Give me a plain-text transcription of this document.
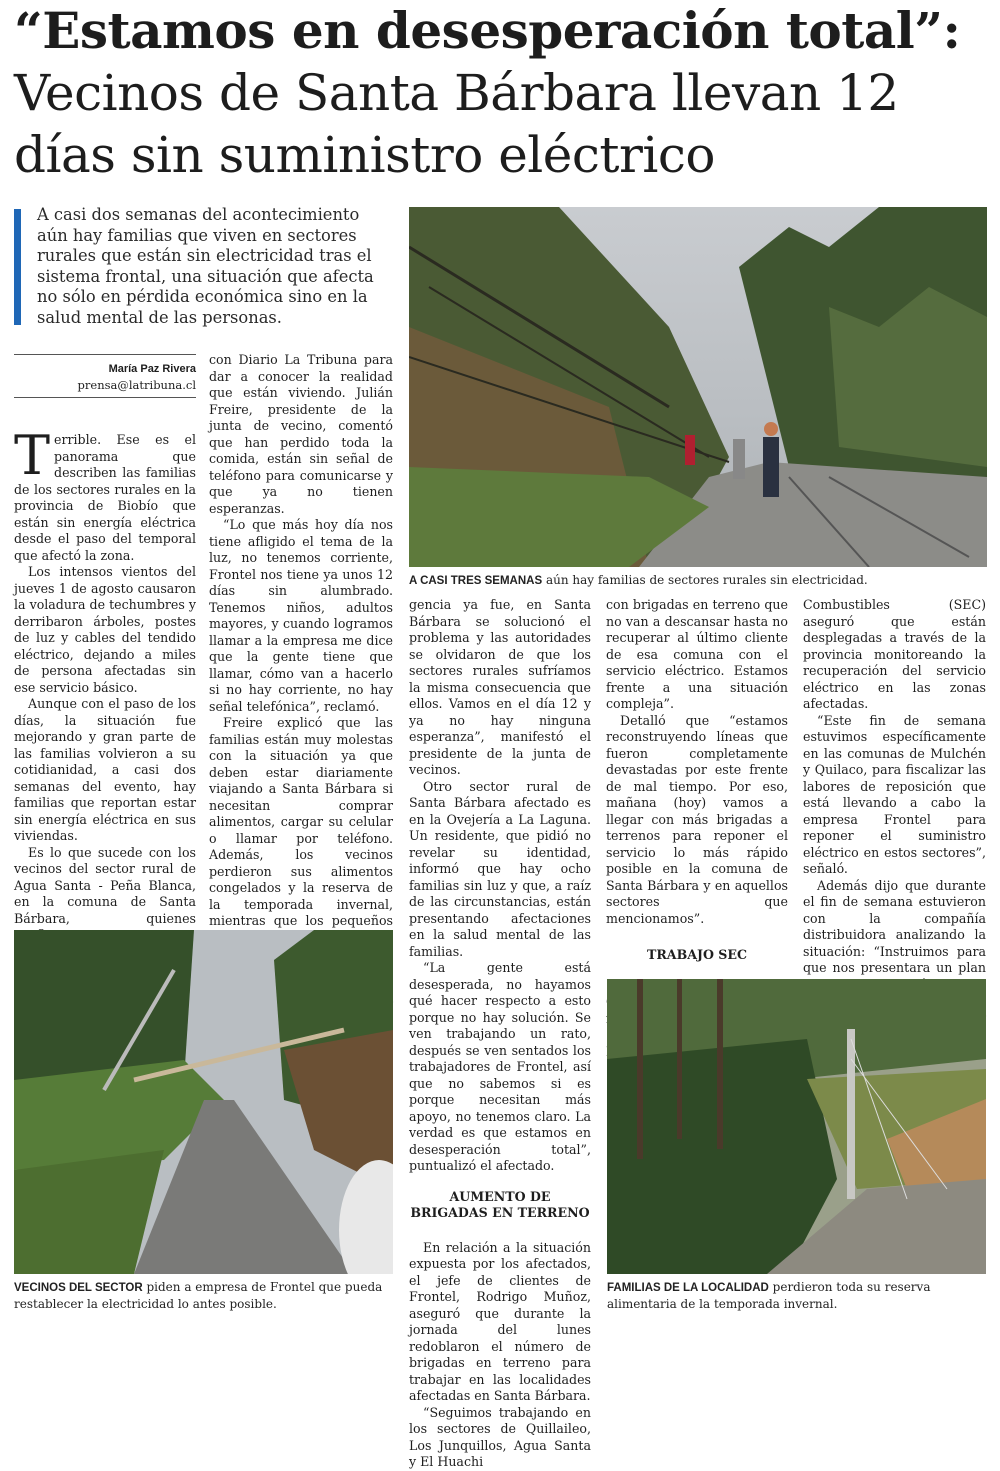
“Estamos en desesperación total”:
Vecinos de Santa Bárbara llevan 12
días sin suministro eléctrico

A casi dos semanas del acontecimiento aún hay familias que viven en sectores rurales que están sin electricidad tras el sistema frontal, una situación que afecta no sólo en pérdida económica sino en la salud mental de las personas.

María Paz Rivera
prensa@latribuna.cl

Terrible. Ese es el panorama que describen las familias de los sectores rurales en la provincia de Biobío que están sin energía eléctrica desde el paso del temporal que afectó la zona.

Los intensos vientos del jueves 1 de agosto causaron la voladura de techumbres y derribaron árboles, postes de luz y cables del tendido eléctrico, dejando a miles de persona afectadas sin ese servicio básico.

Aunque con el paso de los días, la situación fue mejorando y gran parte de las familias volvieron a su cotidianidad, a casi dos semanas del evento, hay familias que reportan estar sin energía eléctrica en sus viviendas.

Es lo que sucede con los vecinos del sector rural de Agua Santa - Peña Blanca, en la comuna de Santa Bárbara, quienes

con Diario La Tribuna para dar a conocer la realidad que están viviendo. Julián Freire, presidente de la junta de vecino, comentó que han perdido toda la comida, están sin señal de teléfono para comunicarse y que ya no tienen esperanzas.

“Lo que más hoy día nos tiene afligido el tema de la luz, no tenemos corriente, Frontel nos tiene ya unos 12 días sin alumbrado. Tenemos niños, adultos mayores, y cuando logramos llamar a la empresa me dice que la gente tiene que llamar, cómo van a hacerlo si no hay corriente, no hay señal telefónica”, reclamó.

Freire explicó que las familias están muy molestas con la situación ya que deben estar diariamente viajando a Santa Bárbara si necesitan comprar alimentos, cargar su celular o llamar por teléfono. Además, los vecinos perdieron sus alimentos congelados y la reserva de la temporada invernal, mientras que los pequeños

FOTOS CEDIDAS POR FAMILIAS DE LA ZONA AFECTADA
A CASI TRES SEMANAS aún hay familias de sectores rurales sin electricidad.

gencia ya fue, en Santa Bárbara se solucionó el problema y las autoridades se olvidaron de que los sectores rurales sufríamos la misma consecuencia que ellos. Vamos en el día 12 y ya no hay ninguna esperanza”, manifestó el presidente de la junta de vecinos.

Otro sector rural de Santa Bárbara afectado es en la Ovejería a La Laguna. Un residente, que pidió no revelar su identidad, informó que hay ocho familias sin luz y que, a raíz de las circunstancias, están presentando afectaciones en la salud mental de las familias.

“La gente está desesperada, no hayamos qué hacer respecto a esto porque no hay solución. Se ven trabajando un rato, después se ven sentados los trabajadores de Frontel, así que no sabemos si es porque necesitan más apoyo, no tenemos claro. La verdad es que estamos en desesperación total”, puntualizó el afectado.

AUMENTO DE BRIGADAS EN TERRENO

En relación a la situación expuesta por los afectados, el jefe de clientes de Frontel, Rodrigo Muñoz, aseguró que durante la jornada del lunes redoblaron el número de brigadas en terreno para trabajar en las localidades afectadas en Santa Bárbara.

“Seguimos trabajando en los sectores de Quillaileo, Los Junquillos, Agua Santa y El Huachi

con brigadas en terreno que no van a descansar hasta no recuperar al último cliente de esa comuna con el servicio eléctrico. Estamos frente a una situación compleja”.

Detalló que “estamos reconstruyendo líneas que fueron completamente devastadas por este frente de mal tiempo. Por eso, mañana (hoy) vamos a llegar con más brigadas a terrenos para reponer el servicio lo más rápido posible en la comuna de Santa Bárbara y en aquellos sectores que mencionamos”.

TRABAJO SEC

Combustibles (SEC) aseguró que están desplegadas a través de la provincia monitoreando la recuperación del servicio eléctrico en las zonas afectadas.

“Este fin de semana estuvimos específicamente en las comunas de Mulchén y Quilaco, para fiscalizar las labores de reposición que está llevando a cabo la empresa Frontel para reponer el suministro eléctrico en estos sectores”, señaló.

Además dijo que durante el fin de semana estuvieron con la compañía distribuidora analizando la situación: “Instruimos para que nos presentara un plan

VECINOS DEL SECTOR piden a empresa de Frontel que pueda restablecer la electricidad lo antes posible.
FAMILIAS DE LA LOCALIDAD perdieron toda su reserva alimentaria de la temporada invernal.
